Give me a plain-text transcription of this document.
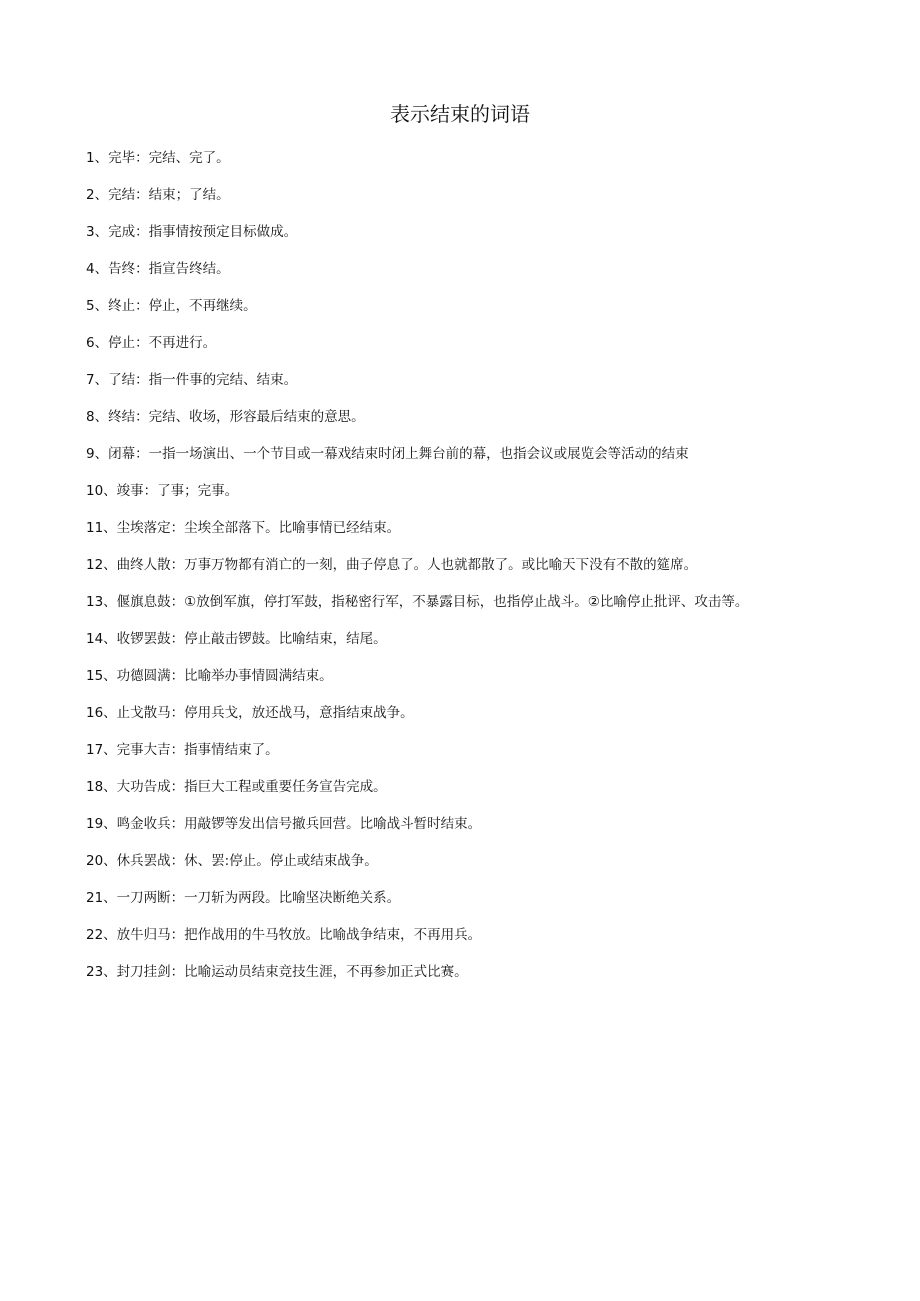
表示结束的词语
1、完毕：完结、完了。
2、完结：结束；了结。
3、完成：指事情按预定目标做成。
4、告终：指宣告终结。
5、终止：停止，不再继续。
6、停止：不再进行。
7、了结：指一件事的完结、结束。
8、终结：完结、收场，形容最后结束的意思。
9、闭幕：一指一场演出、一个节目或一幕戏结束时闭上舞台前的幕，也指会议或展览会等活动的结束
10、竣事：了事；完事。
11、尘埃落定：尘埃全部落下。比喻事情已经结束。
12、曲终人散：万事万物都有消亡的一刻，曲子停息了。人也就都散了。或比喻天下没有不散的筵席。
13、偃旗息鼓：①放倒军旗，停打军鼓，指秘密行军，不暴露目标，也指停止战斗。②比喻停止批评、攻击等。
14、收锣罢鼓：停止敲击锣鼓。比喻结束，结尾。
15、功德圆满：比喻举办事情圆满结束。
16、止戈散马：停用兵戈，放还战马，意指结束战争。
17、完事大吉：指事情结束了。
18、大功告成：指巨大工程或重要任务宣告完成。
19、鸣金收兵：用敲锣等发出信号撤兵回营。比喻战斗暂时结束。
20、休兵罢战：休、罢:停止。停止或结束战争。
21、一刀两断：一刀斩为两段。比喻坚决断绝关系。
22、放牛归马：把作战用的牛马牧放。比喻战争结束，不再用兵。
23、封刀挂剑：比喻运动员结束竞技生涯，不再参加正式比赛。
